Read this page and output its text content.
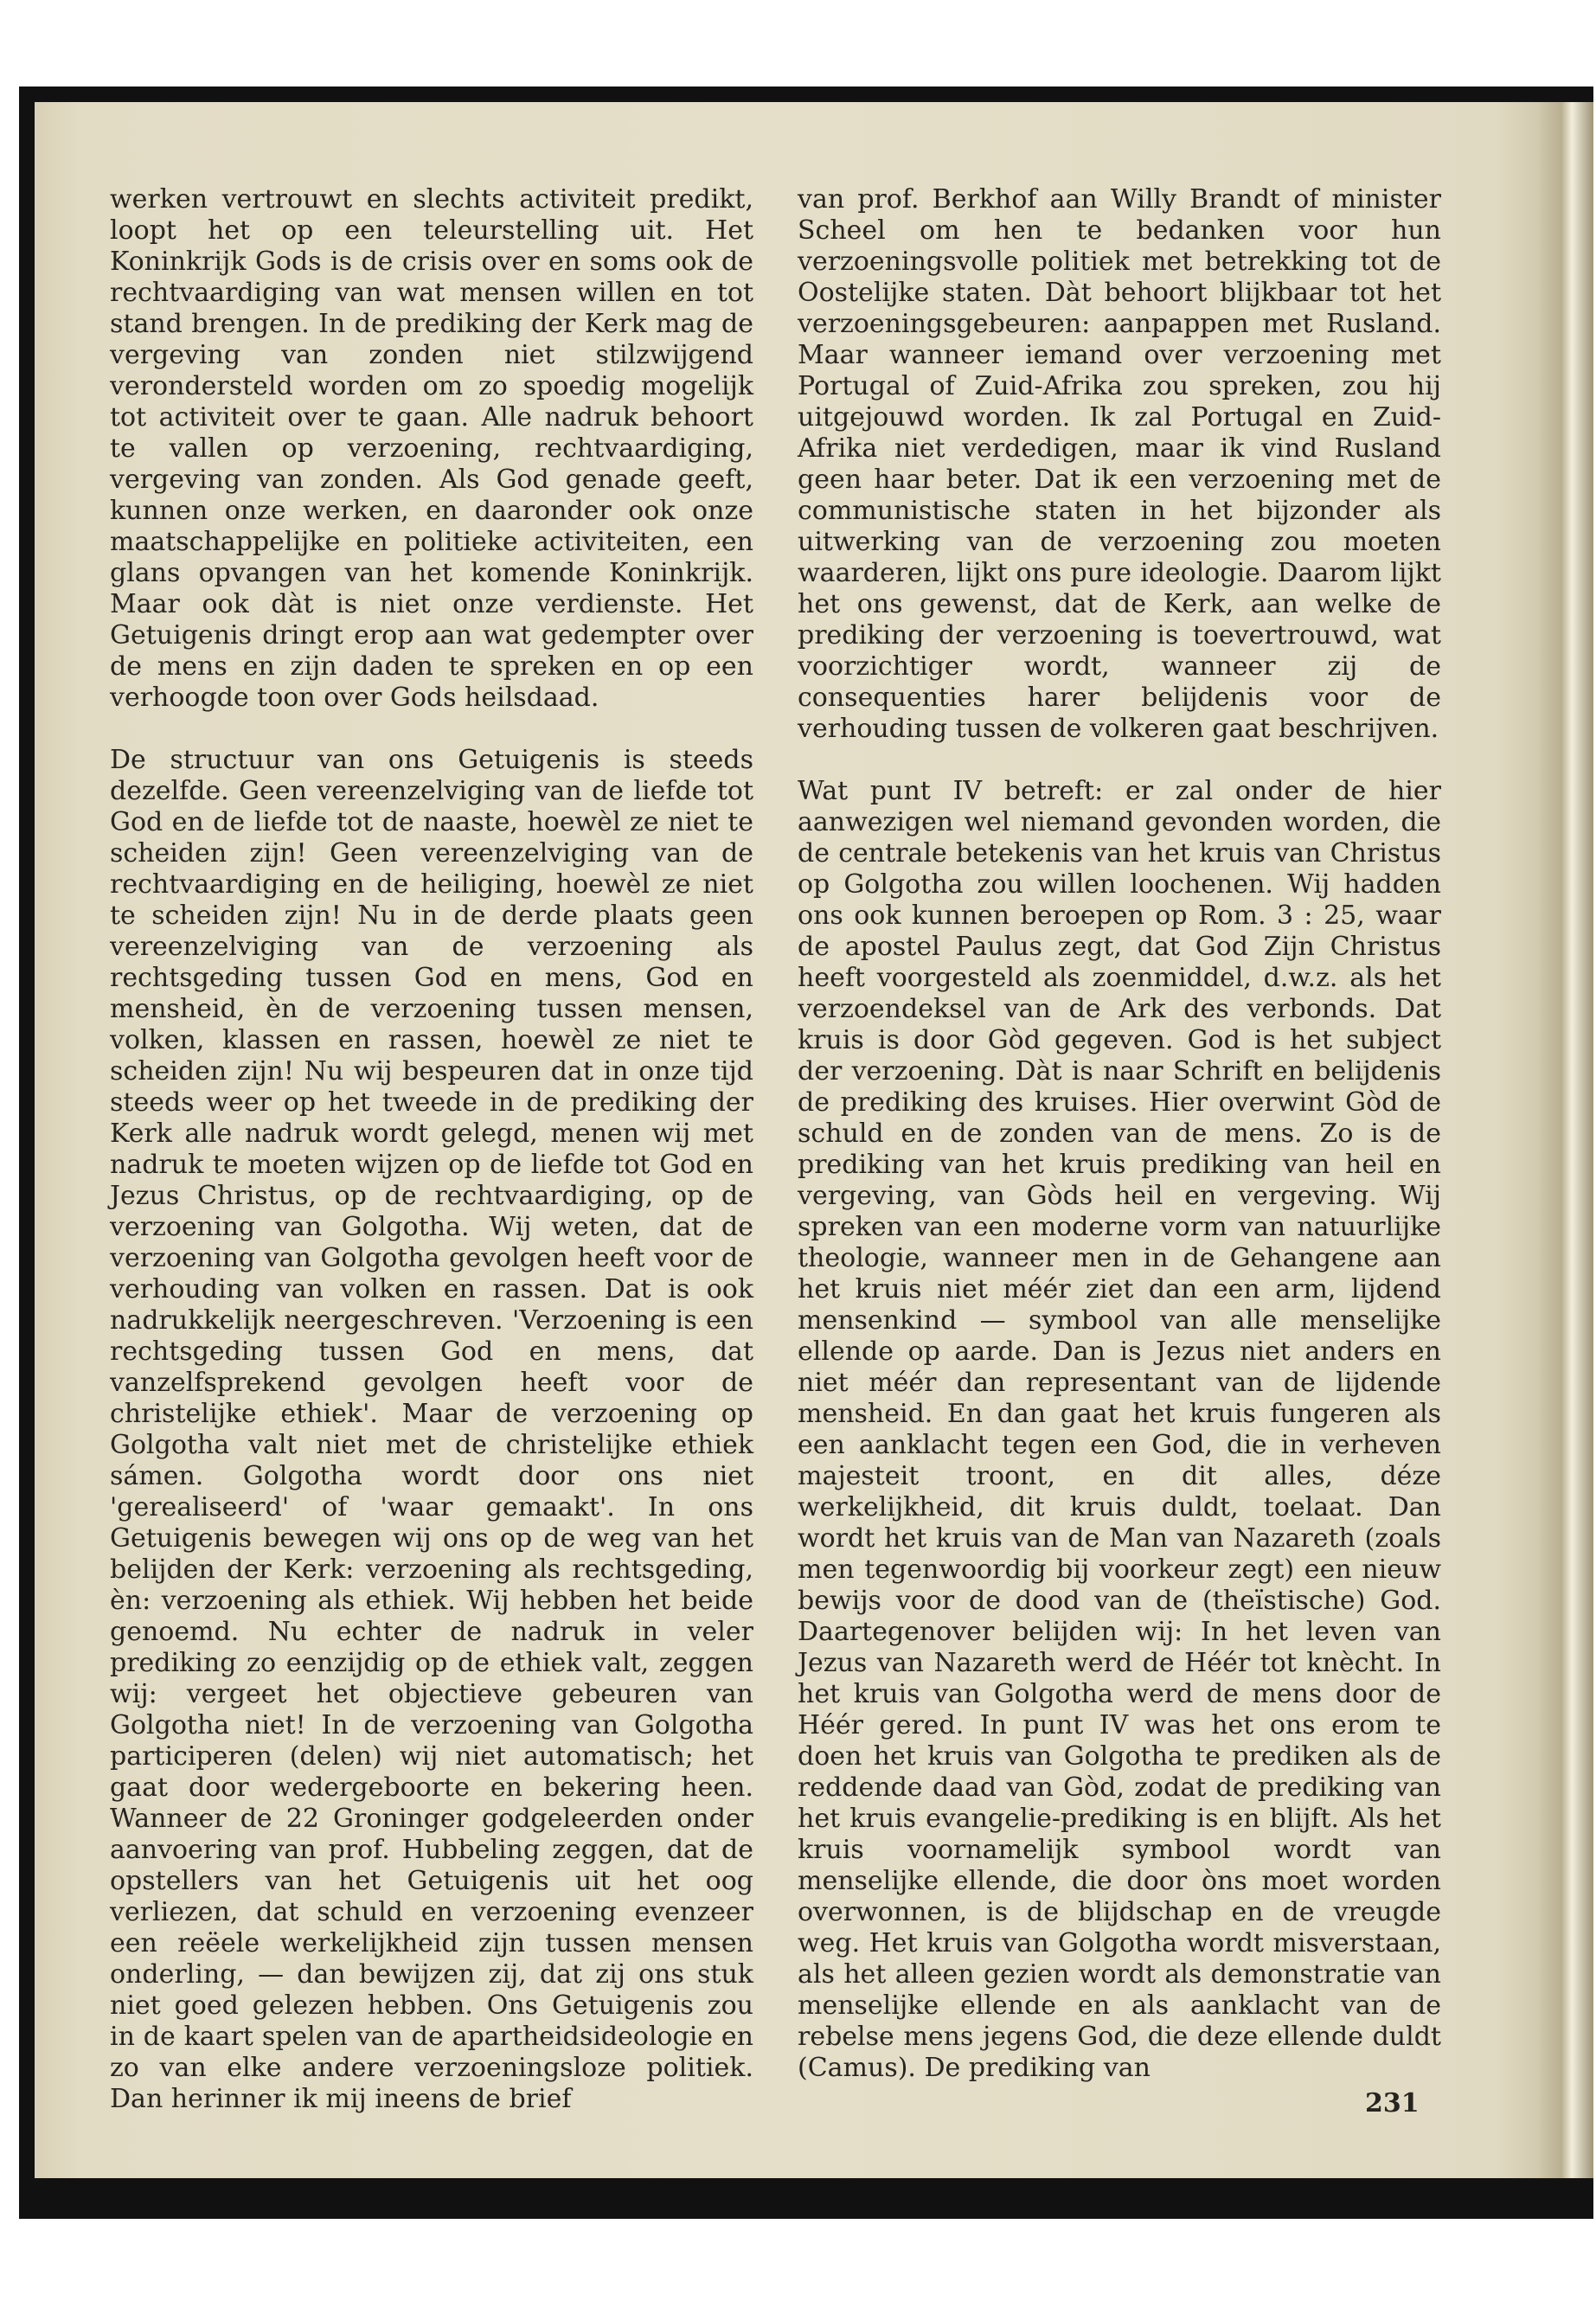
werken vertrouwt en slechts activiteit predikt, loopt het op een teleurstelling uit. Het Koninkrijk Gods is de crisis over en soms ook de rechtvaardiging van wat mensen willen en tot stand brengen. In de prediking der Kerk mag de vergeving van zonden niet stilzwijgend verondersteld worden om zo spoedig mogelijk tot activiteit over te gaan. Alle nadruk behoort te vallen op verzoening, rechtvaardiging, vergeving van zonden. Als God genade geeft, kunnen onze werken, en daaronder ook onze maatschappelijke en politieke activiteiten, een glans opvangen van het komende Koninkrijk. Maar ook dàt is niet onze verdienste. Het Getuigenis dringt erop aan wat gedempter over de mens en zijn daden te spreken en op een verhoogde toon over Gods heilsdaad.

De structuur van ons Getuigenis is steeds dezelfde. Geen vereenzelviging van de liefde tot God en de liefde tot de naaste, hoewèl ze niet te scheiden zijn! Geen vereenzelviging van de rechtvaardiging en de heiliging, hoewèl ze niet te scheiden zijn! Nu in de derde plaats geen vereenzelviging van de verzoening als rechtsgeding tussen God en mens, God en mensheid, èn de verzoening tussen mensen, volken, klassen en rassen, hoewèl ze niet te scheiden zijn! Nu wij bespeuren dat in onze tijd steeds weer op het tweede in de prediking der Kerk alle nadruk wordt gelegd, menen wij met nadruk te moeten wijzen op de liefde tot God en Jezus Christus, op de rechtvaardiging, op de verzoening van Golgotha. Wij weten, dat de verzoening van Golgotha gevolgen heeft voor de verhouding van volken en rassen. Dat is ook nadrukkelijk neergeschreven. 'Verzoening is een rechtsgeding tussen God en mens, dat vanzelfsprekend gevolgen heeft voor de christelijke ethiek'. Maar de verzoening op Golgotha valt niet met de christelijke ethiek sámen. Golgotha wordt door ons niet 'gerealiseerd' of 'waar gemaakt'. In ons Getuigenis bewegen wij ons op de weg van het belijden der Kerk: verzoening als rechtsgeding, èn: verzoening als ethiek. Wij hebben het beide genoemd. Nu echter de nadruk in veler prediking zo eenzijdig op de ethiek valt, zeggen wij: vergeet het objectieve gebeuren van Golgotha niet! In de verzoening van Golgotha participeren (delen) wij niet automatisch; het gaat door wedergeboorte en bekering heen. Wanneer de 22 Groninger godgeleerden onder aanvoering van prof. Hubbeling zeggen, dat de opstellers van het Getuigenis uit het oog verliezen, dat schuld en verzoening evenzeer een reëele werkelijkheid zijn tussen mensen onderling, — dan bewijzen zij, dat zij ons stuk niet goed gelezen hebben. Ons Getuigenis zou in de kaart spelen van de apartheidsideologie en zo van elke andere verzoeningsloze politiek. Dan herinner ik mij ineens de brief

van prof. Berkhof aan Willy Brandt of minister Scheel om hen te bedanken voor hun verzoeningsvolle politiek met betrekking tot de Oostelijke staten. Dàt behoort blijkbaar tot het verzoeningsgebeuren: aanpappen met Rusland. Maar wanneer iemand over verzoening met Portugal of Zuid-Afrika zou spreken, zou hij uitgejouwd worden. Ik zal Portugal en Zuid-Afrika niet verdedigen, maar ik vind Rusland geen haar beter. Dat ik een verzoening met de communistische staten in het bijzonder als uitwerking van de verzoening zou moeten waarderen, lijkt ons pure ideologie. Daarom lijkt het ons gewenst, dat de Kerk, aan welke de prediking der verzoening is toevertrouwd, wat voorzichtiger wordt, wanneer zij de consequenties harer belijdenis voor de verhouding tussen de volkeren gaat beschrijven.

Wat punt IV betreft: er zal onder de hier aanwezigen wel niemand gevonden worden, die de centrale betekenis van het kruis van Christus op Golgotha zou willen loochenen. Wij hadden ons ook kunnen beroepen op Rom. 3 : 25, waar de apostel Paulus zegt, dat God Zijn Christus heeft voorgesteld als zoenmiddel, d.w.z. als het verzoendeksel van de Ark des verbonds. Dat kruis is door Gòd gegeven. God is het subject der verzoening. Dàt is naar Schrift en belijdenis de prediking des kruises. Hier overwint Gòd de schuld en de zonden van de mens. Zo is de prediking van het kruis prediking van heil en vergeving, van Gòds heil en vergeving. Wij spreken van een moderne vorm van natuurlijke theologie, wanneer men in de Gehangene aan het kruis niet méér ziet dan een arm, lijdend mensenkind — symbool van alle menselijke ellende op aarde. Dan is Jezus niet anders en niet méér dan representant van de lijdende mensheid. En dan gaat het kruis fungeren als een aanklacht tegen een God, die in verheven majesteit troont, en dit alles, déze werkelijkheid, dit kruis duldt, toelaat. Dan wordt het kruis van de Man van Nazareth (zoals men tegenwoordig bij voorkeur zegt) een nieuw bewijs voor de dood van de (theïstische) God. Daartegenover belijden wij: In het leven van Jezus van Nazareth werd de Héér tot knècht. In het kruis van Golgotha werd de mens door de Héér gered. In punt IV was het ons erom te doen het kruis van Golgotha te prediken als de reddende daad van Gòd, zodat de prediking van het kruis evangelie-prediking is en blijft. Als het kruis voornamelijk symbool wordt van menselijke ellende, die door òns moet worden overwonnen, is de blijdschap en de vreugde weg. Het kruis van Golgotha wordt misverstaan, als het alleen gezien wordt als demonstratie van menselijke ellende en als aanklacht van de rebelse mens jegens God, die deze ellende duldt (Camus). De prediking van

231
